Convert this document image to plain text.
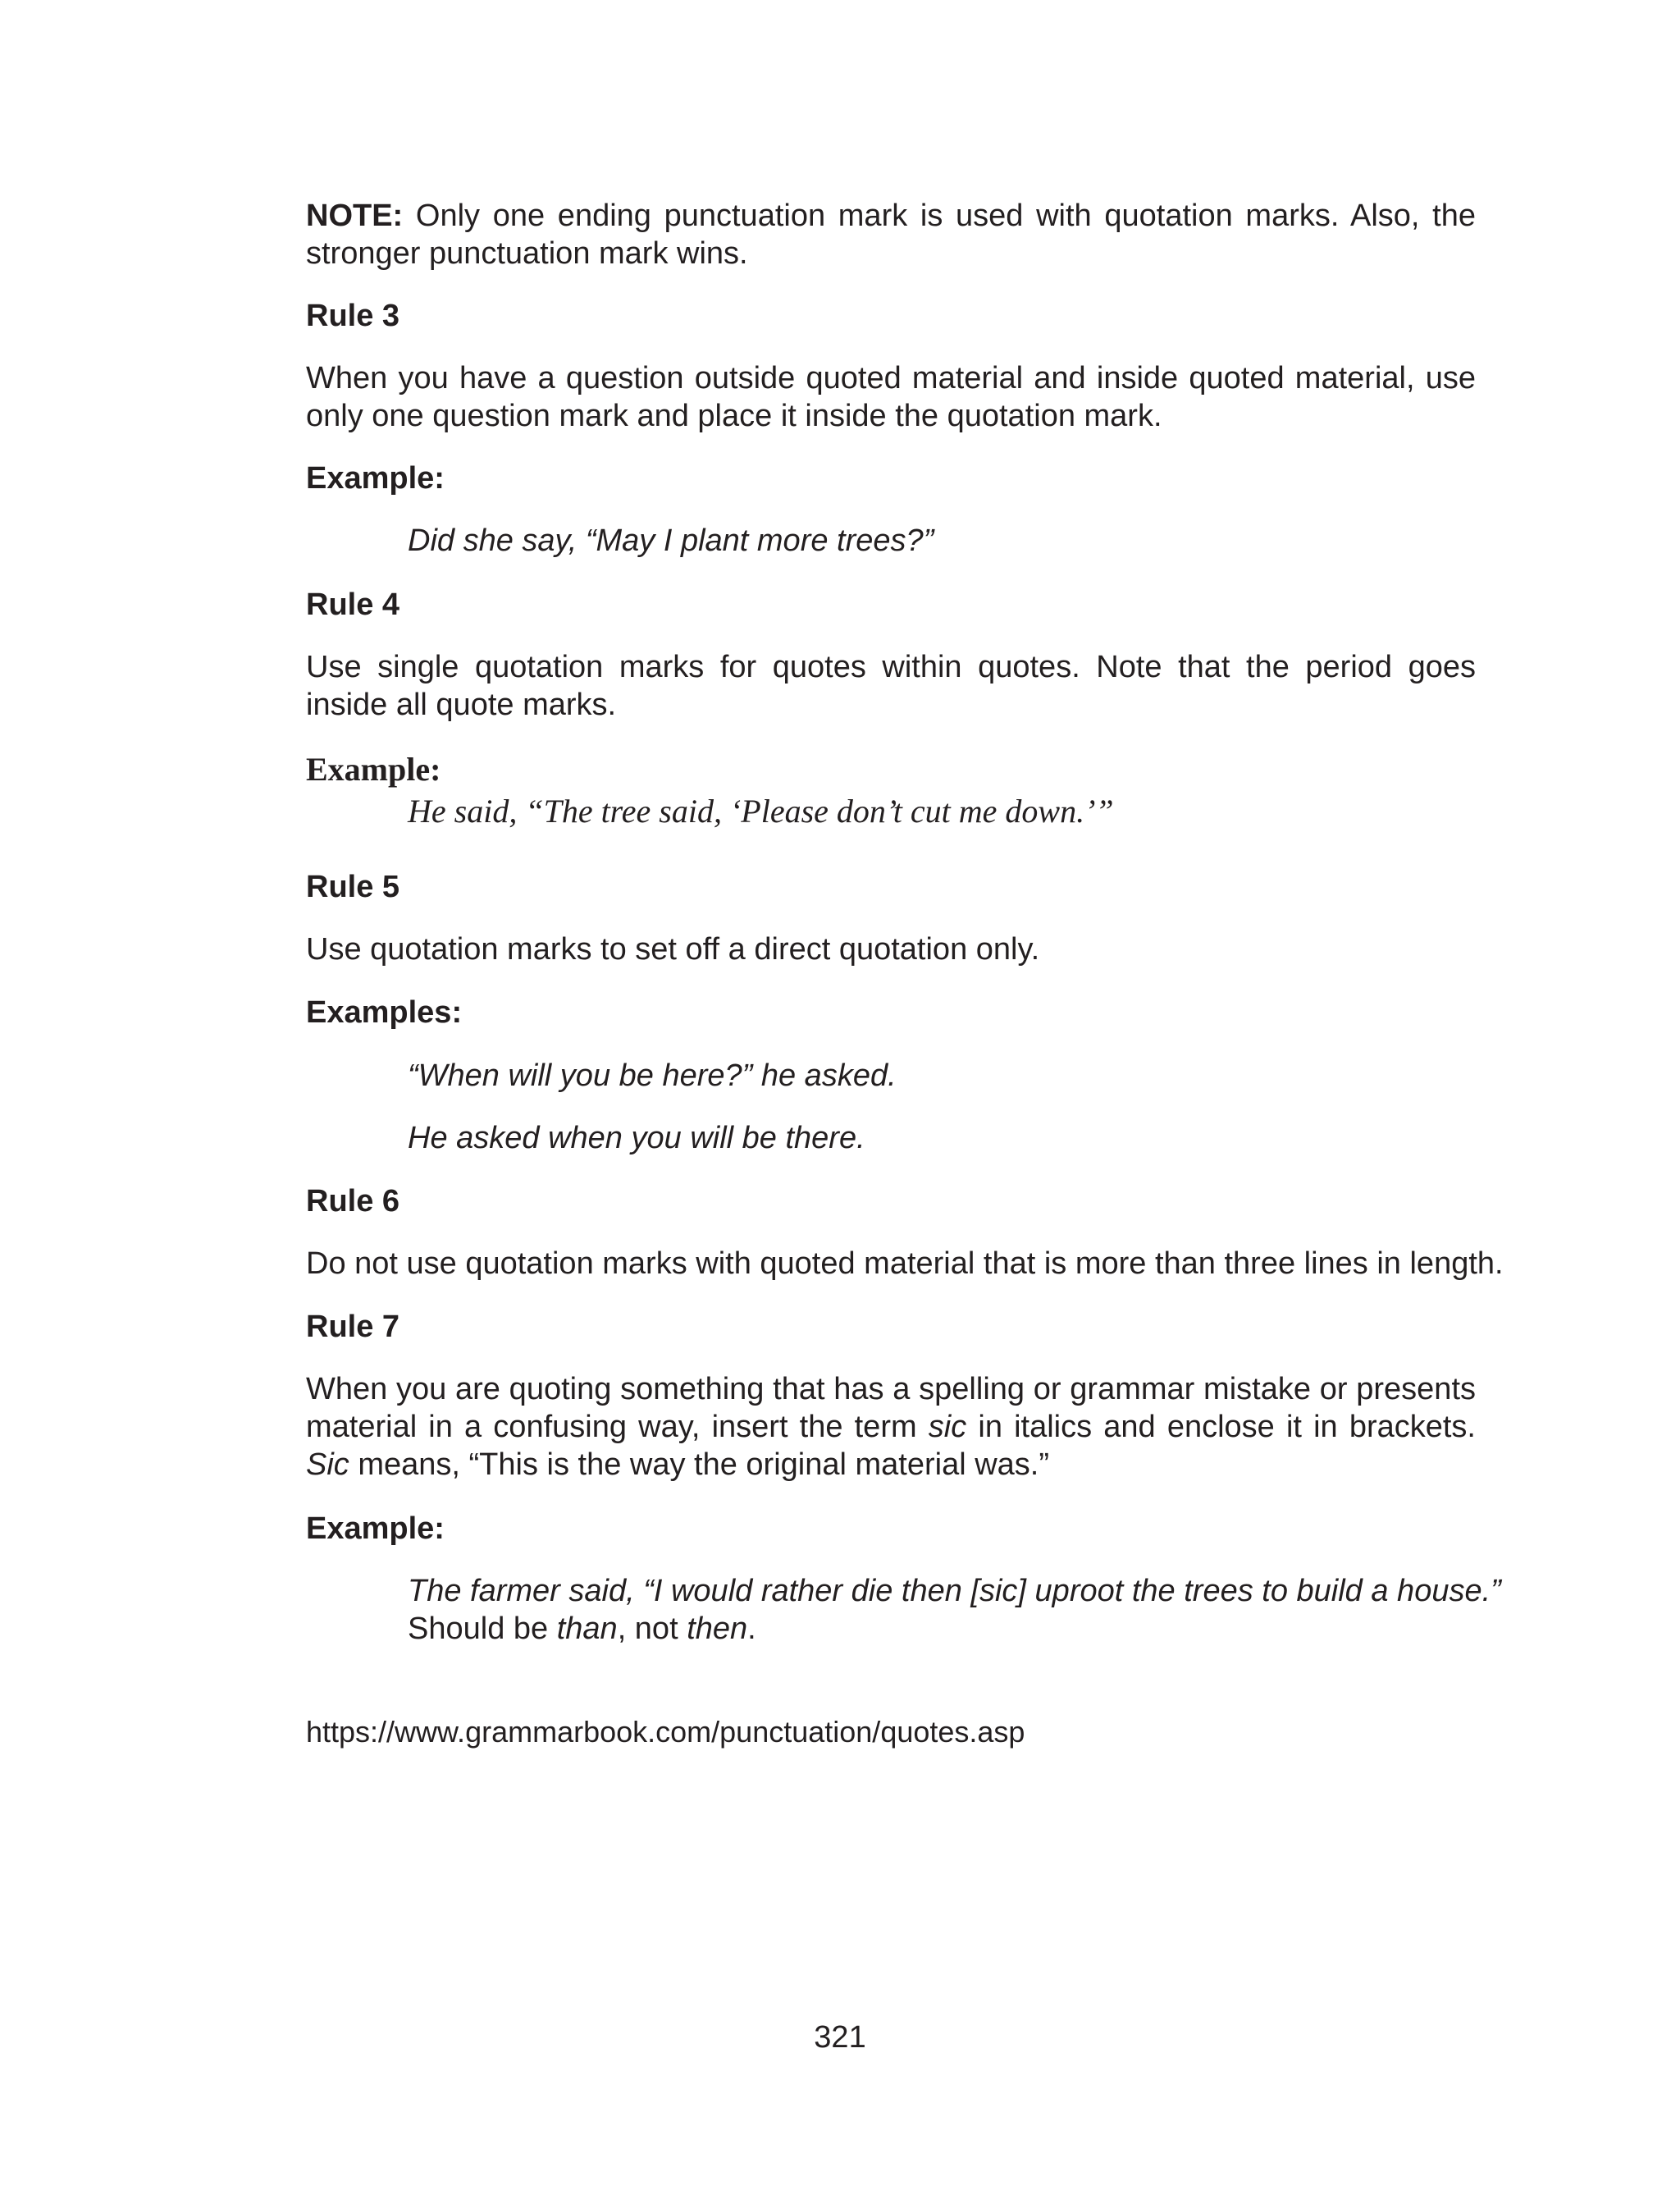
NOTE: Only one ending punctuation mark is used with quotation marks. Also, the stronger punctuation mark wins.

Rule 3

When you have a question outside quoted material and inside quoted material, use only one question mark and place it inside the quotation mark.

Example:

Did she say, “May I plant more trees?”

Rule 4

Use single quotation marks for quotes within quotes. Note that the period goes inside all quote marks.

Example:

He said, “The tree said, ‘Please don’t cut me down.’”

Rule 5

Use quotation marks to set off a direct quotation only.

Examples:

“When will you be here?” he asked.

He asked when you will be there.

Rule 6

Do not use quotation marks with quoted material that is more than three lines in length.

Rule 7

When you are quoting something that has a spelling or grammar mistake or presents material in a confusing way, insert the term sic in italics and enclose it in brackets. Sic means, “This is the way the original material was.”

Example:

The farmer said, “I would rather die then [sic] uproot the trees to build a house.”

Should be than, not then.

https://www.grammarbook.com/punctuation/quotes.asp

321
